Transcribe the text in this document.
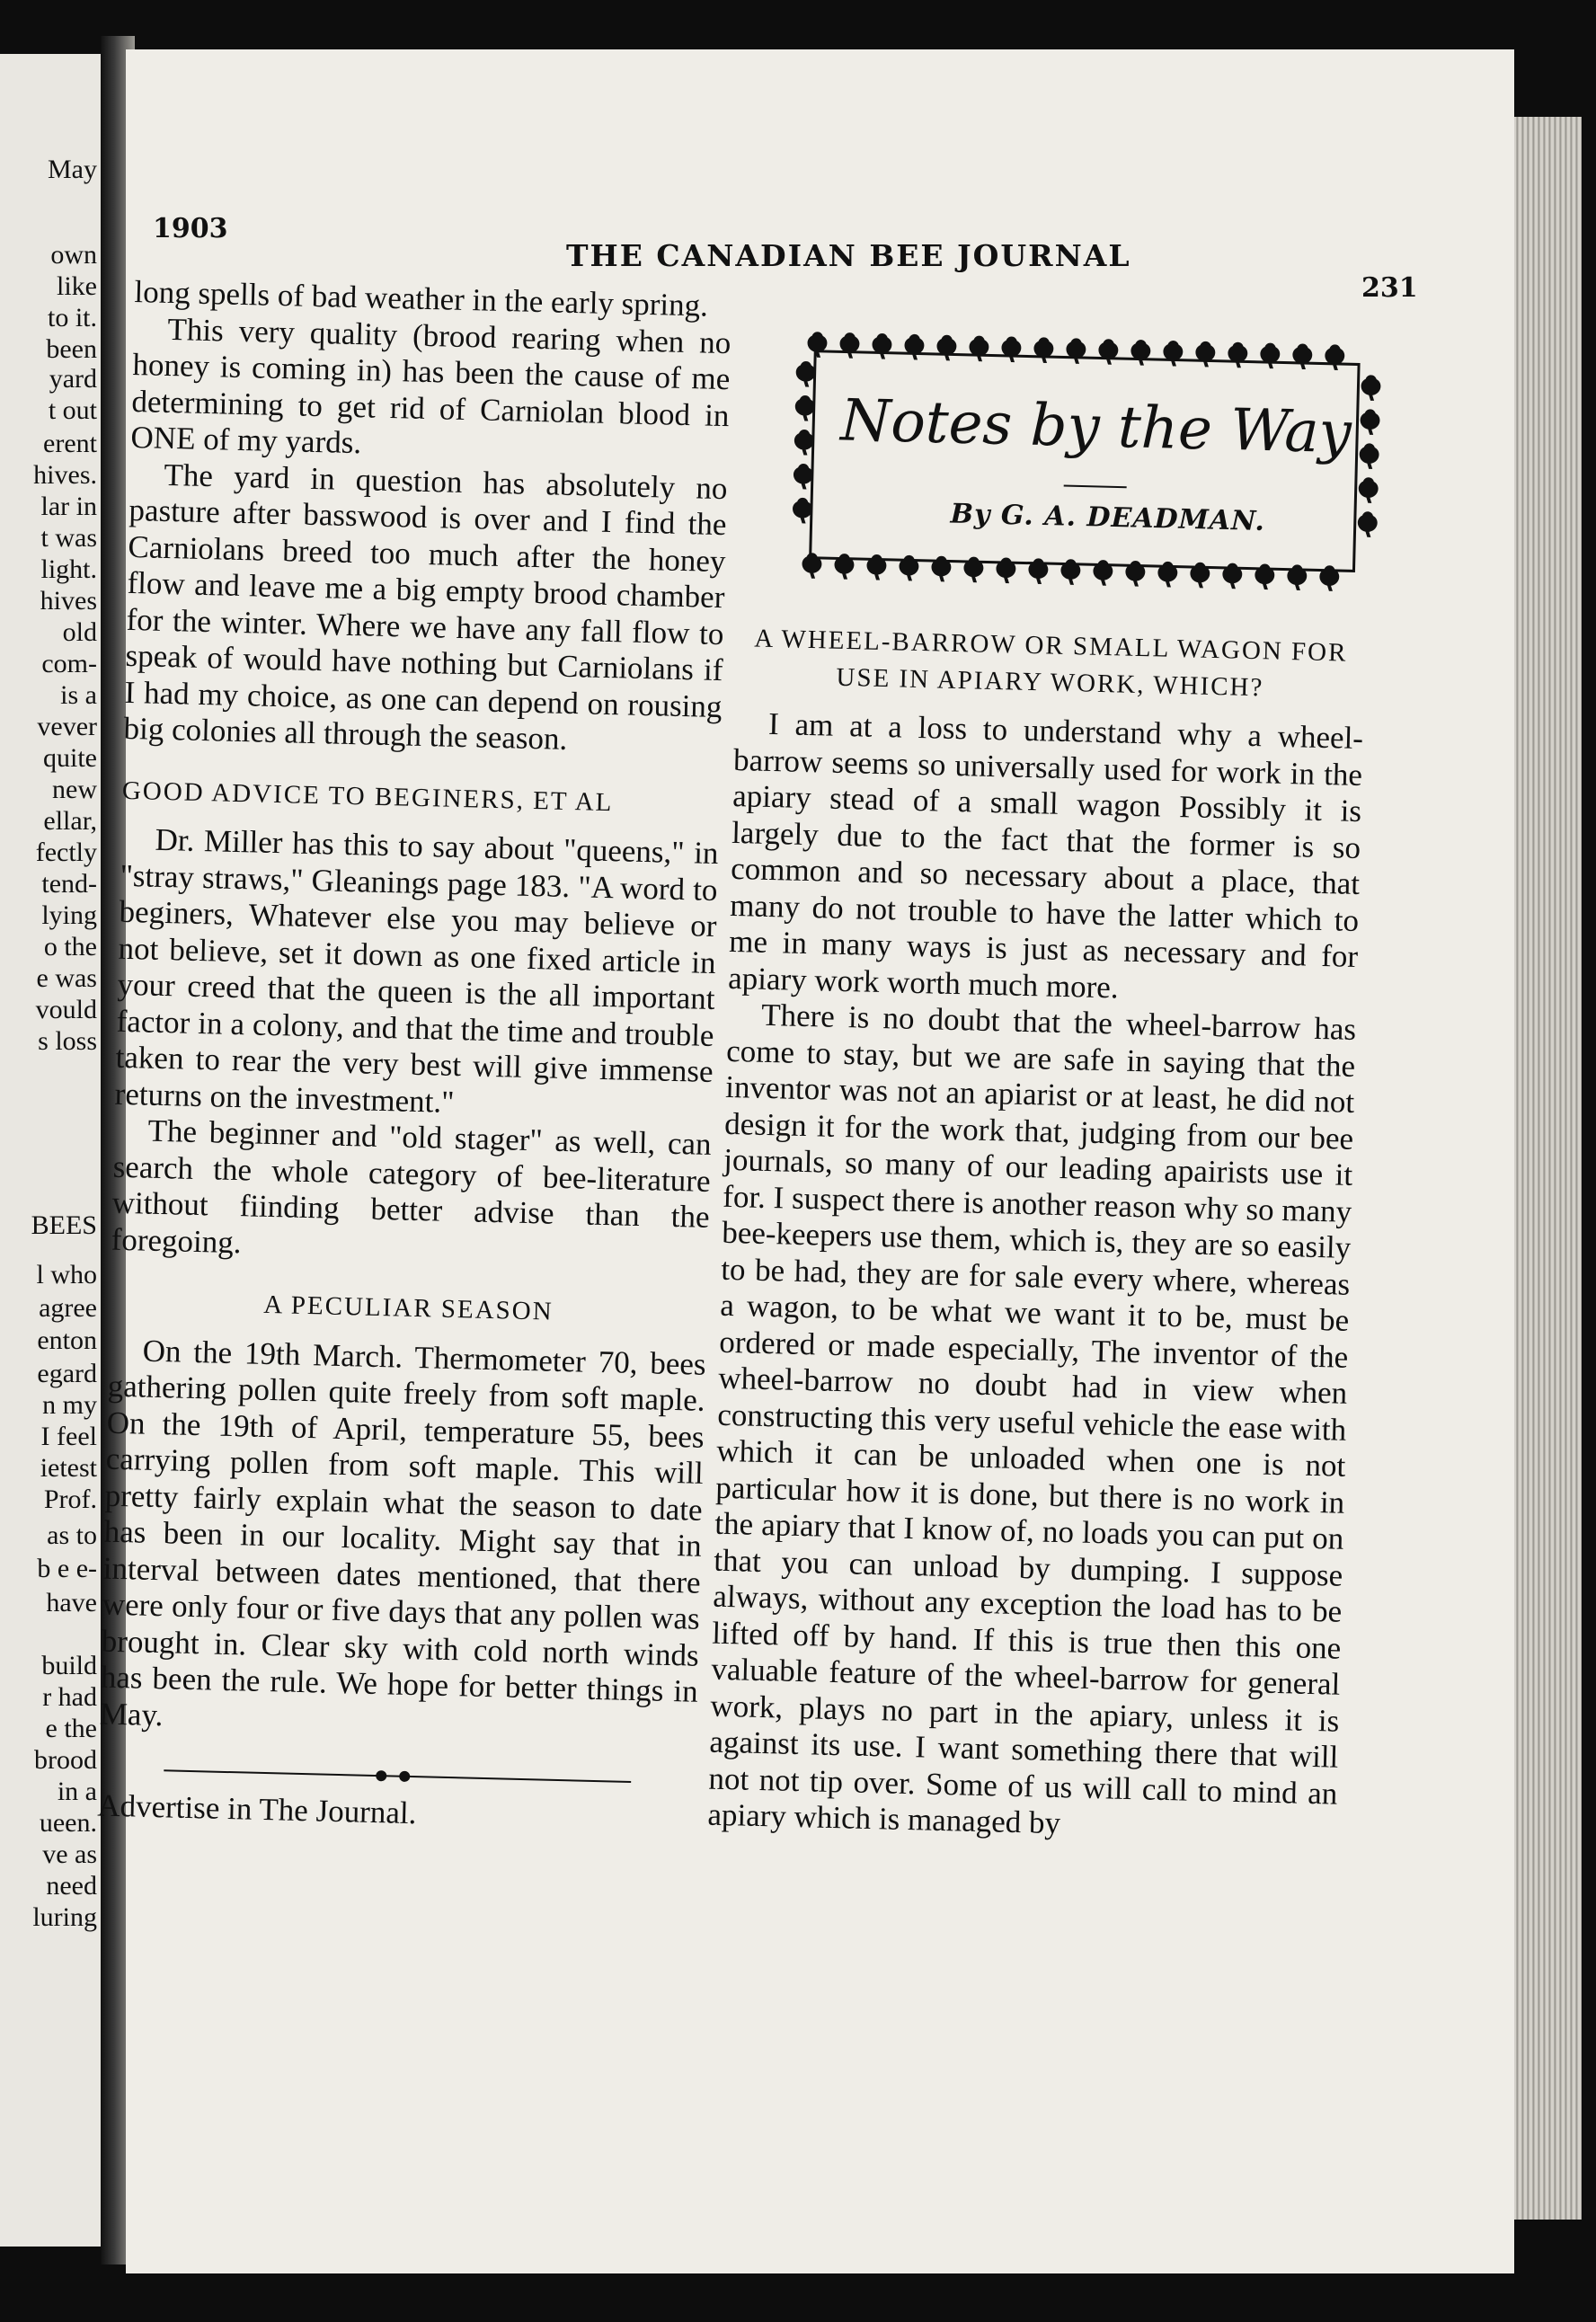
May
own
like
to it.
been
yard
t out
erent
hives.
lar in
t was
light.
hives
old
com-
is a
vever
quite
new
ellar,
fectly
tend-
lying
o the
e was
vould
s loss
BEES
l who
agree
enton
egard
n my
I feel
ietest
Prof.
as to
b e e-
have
build
r had
e the
brood
in a
ueen.
ve as
need
luring
1903
THE CANADIAN BEE JOURNAL
231

long spells of bad weather in the early spring.

This very quality (brood rearing when no honey is coming in) has been the cause of me determining to get rid of Carniolan blood in ONE of my yards.

The yard in question has absolutely no pasture after basswood is over and I find the Carniolans breed too much after the honey flow and leave me a big empty brood chamber for the winter. Where we have any fall flow to speak of would have nothing but Carniolans if I had my choice, as one can depend on rousing big colonies all through the season.

GOOD ADVICE TO BEGINERS, ET AL

Dr. Miller has this to say about "queens," in "stray straws," Gleanings page 183. "A word to beginers, Whatever else you may believe or not believe, set it down as one fixed article in your creed that the queen is the all important factor in a colony, and that the time and trouble taken to rear the very best will give immense returns on the investment."

The beginner and "old stager" as well, can search the whole category of bee-literature without fiinding better advise than the foregoing.

A PECULIAR SEASON

On the 19th March. Thermometer 70, bees gathering pollen quite freely from soft maple. On the 19th of April, temperature 55, bees carrying pollen from soft maple. This will pretty fairly explain what the season to date has been in our locality. Might say that in interval between dates mentioned, that there were only four or five days that any pollen was brought in. Clear sky with cold north winds has been the rule. We hope for better things in May.

Advertise in The Journal.

Notes by the Way
By G. A. DEADMAN.

A WHEEL-BARROW OR SMALL WAGON FOR USE IN APIARY WORK, WHICH?

I am at a loss to understand why a wheel-barrow seems so universally used for work in the apiary stead of a small wagon Possibly it is largely due to the fact that the former is so common and so necessary about a place, that many do not trouble to have the latter which to me in many ways is just as necessary and for apiary work worth much more.

There is no doubt that the wheel-barrow has come to stay, but we are safe in saying that the inventor was not an apiarist or at least, he did not design it for the work that, judging from our bee journals, so many of our leading apairists use it for. I suspect there is another reason why so many bee-keepers use them, which is, they are so easily to be had, they are for sale every where, whereas a wagon, to be what we want it to be, must be ordered or made especially, The inventor of the wheel-barrow no doubt had in view when constructing this very useful vehicle the ease with which it can be unloaded when one is not particular how it is done, but there is no work in the apiary that I know of, no loads you can put on that you can unload by dumping. I suppose always, without any exception the load has to be lifted off by hand. If this is true then this one valuable feature of the wheel-barrow for general work, plays no part in the apiary, unless it is against its use. I want something there that will not not tip over. Some of us will call to mind an apiary which is managed by
